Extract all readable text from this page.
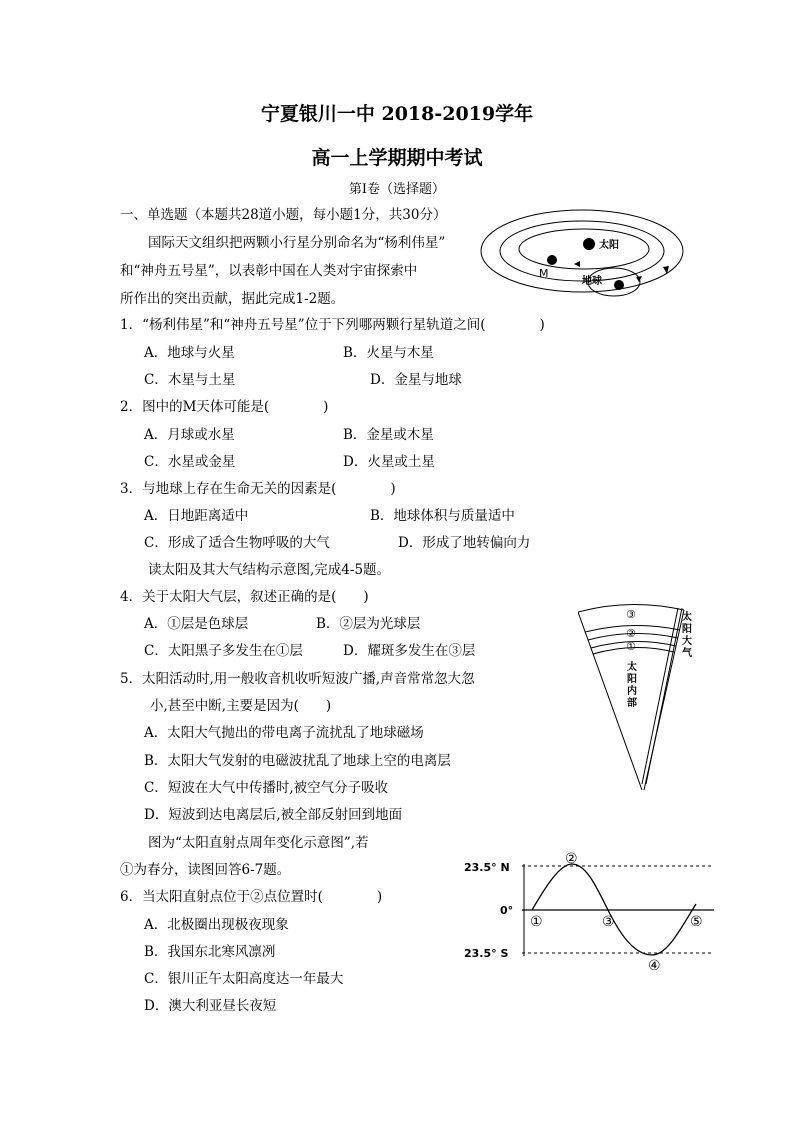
宁夏银川一中 2018-2019学年
高一上学期期中考试
第Ⅰ卷（选择题）
一、单选题（本题共28道小题，每小题1分，共30分）
国际天文组织把两颗小行星分别命名为“杨利伟星”
和“神舟五号星”，以表彰中国在人类对宇宙探索中
所作出的突出贡献，据此完成1-2题。
1．“杨利伟星”和“神舟五号星”位于下列哪两颗行星轨道之间(　　　　)
A．地球与火星	B．火星与木星
C．木星与土星	D．金星与地球
2．图中的M天体可能是(　　　　)
A．月球或水星	B．金星或木星
C．水星或金星	D．火星或土星
3．与地球上存在生命无关的因素是(　　　　)
A．日地距离适中	B．地球体积与质量适中
C．形成了适合生物呼吸的大气	D．形成了地转偏向力
读太阳及其大气结构示意图,完成4-5题。
4．关于太阳大气层，叙述正确的是(　　)
A．①层是色球层	B．②层为光球层
C．太阳黑子多发生在①层	D．耀斑多发生在③层
5．太阳活动时,用一般收音机收听短波广播,声音常常忽大忽
小,甚至中断,主要是因为(　　)
A．太阳大气抛出的带电离子流扰乱了地球磁场
B．太阳大气发射的电磁波扰乱了地球上空的电离层
C．短波在大气中传播时,被空气分子吸收
D．短波到达电离层后,被全部反射回到地面
图为“太阳直射点周年变化示意图”,若
①为春分，读图回答6-7题。
6．当太阳直射点位于②点位置时(　　　　)
A．北极圈出现极夜现象
B．我国东北寒风凛冽
C．银川正午太阳高度达一年最大
D．澳大利亚昼长夜短
太阳
M
地球
③
②
①
太
阳
大
气
太
阳
内
部
23.5° N
0°
23.5° S
①
②
③
④
⑤
